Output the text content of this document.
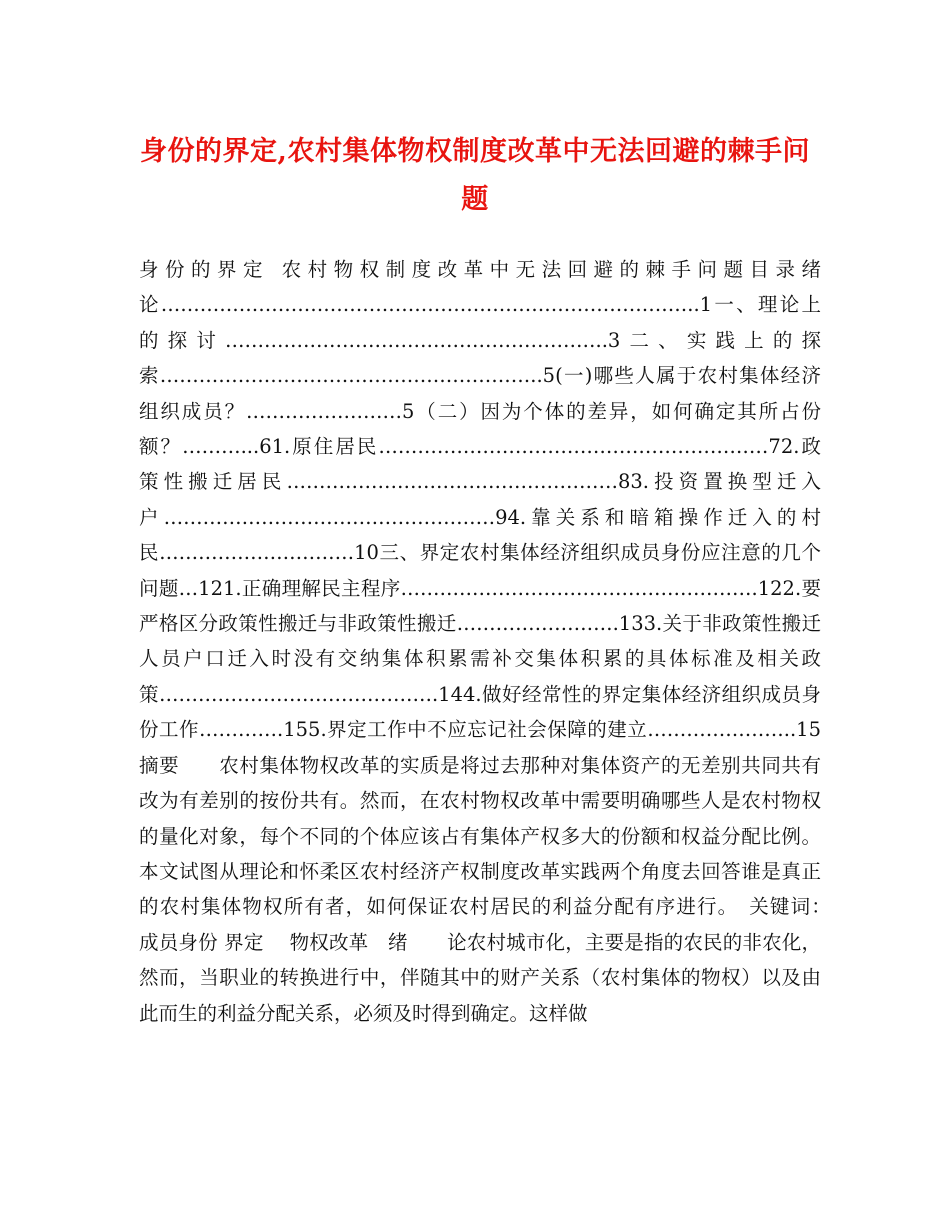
身份的界定,农村集体物权制度改革中无法回避的棘手问题
身份的界定 农村物权制度改革中无法回避的棘手问题目录绪论………………………………………………………………………..1一、理论上的探讨…………………………………………………..3二、实践上的探索…………………………………………………..5(一)哪些人属于农村集体经济组织成员？……………………5（二）因为个体的差异，如何确定其所占份额？………...61.原住居民……………………………………………………72.政策性搬迁居民……………………………………………83.投资置换型迁入户……………………………………………94.靠关系和暗箱操作迁入的村民…………………………10三、界定农村集体经济组织成员身份应注意的几个问题…121.正确理解民主程序……………………………………………….122.要严格区分政策性搬迁与非政策性搬迁…………………….133.关于非政策性搬迁人员户口迁入时没有交纳集体积累需补交集体积累的具体标准及相关政策…………………………………….144.做好经常性的界定集体经济组织成员身份工作………….155.界定工作中不应忘记社会保障的建立…………………..15摘要　　农村集体物权改革的实质是将过去那种对集体资产的无差别共同共有改为有差别的按份共有。然而，在农村物权改革中需要明确哪些人是农村物权的量化对象，每个不同的个体应该占有集体产权多大的份额和权益分配比例。本文试图从理论和怀柔区农村经济产权制度改革实践两个角度去回答谁是真正的农村集体物权所有者，如何保证农村居民的利益分配有序进行。　关键词：　成员身份 界定　 物权改革　绪　　论农村城市化，主要是指的农民的非农化，然而，当职业的转换进行中，伴随其中的财产关系（农村集体的物权）以及由此而生的利益分配关系，必须及时得到确定。这样做
